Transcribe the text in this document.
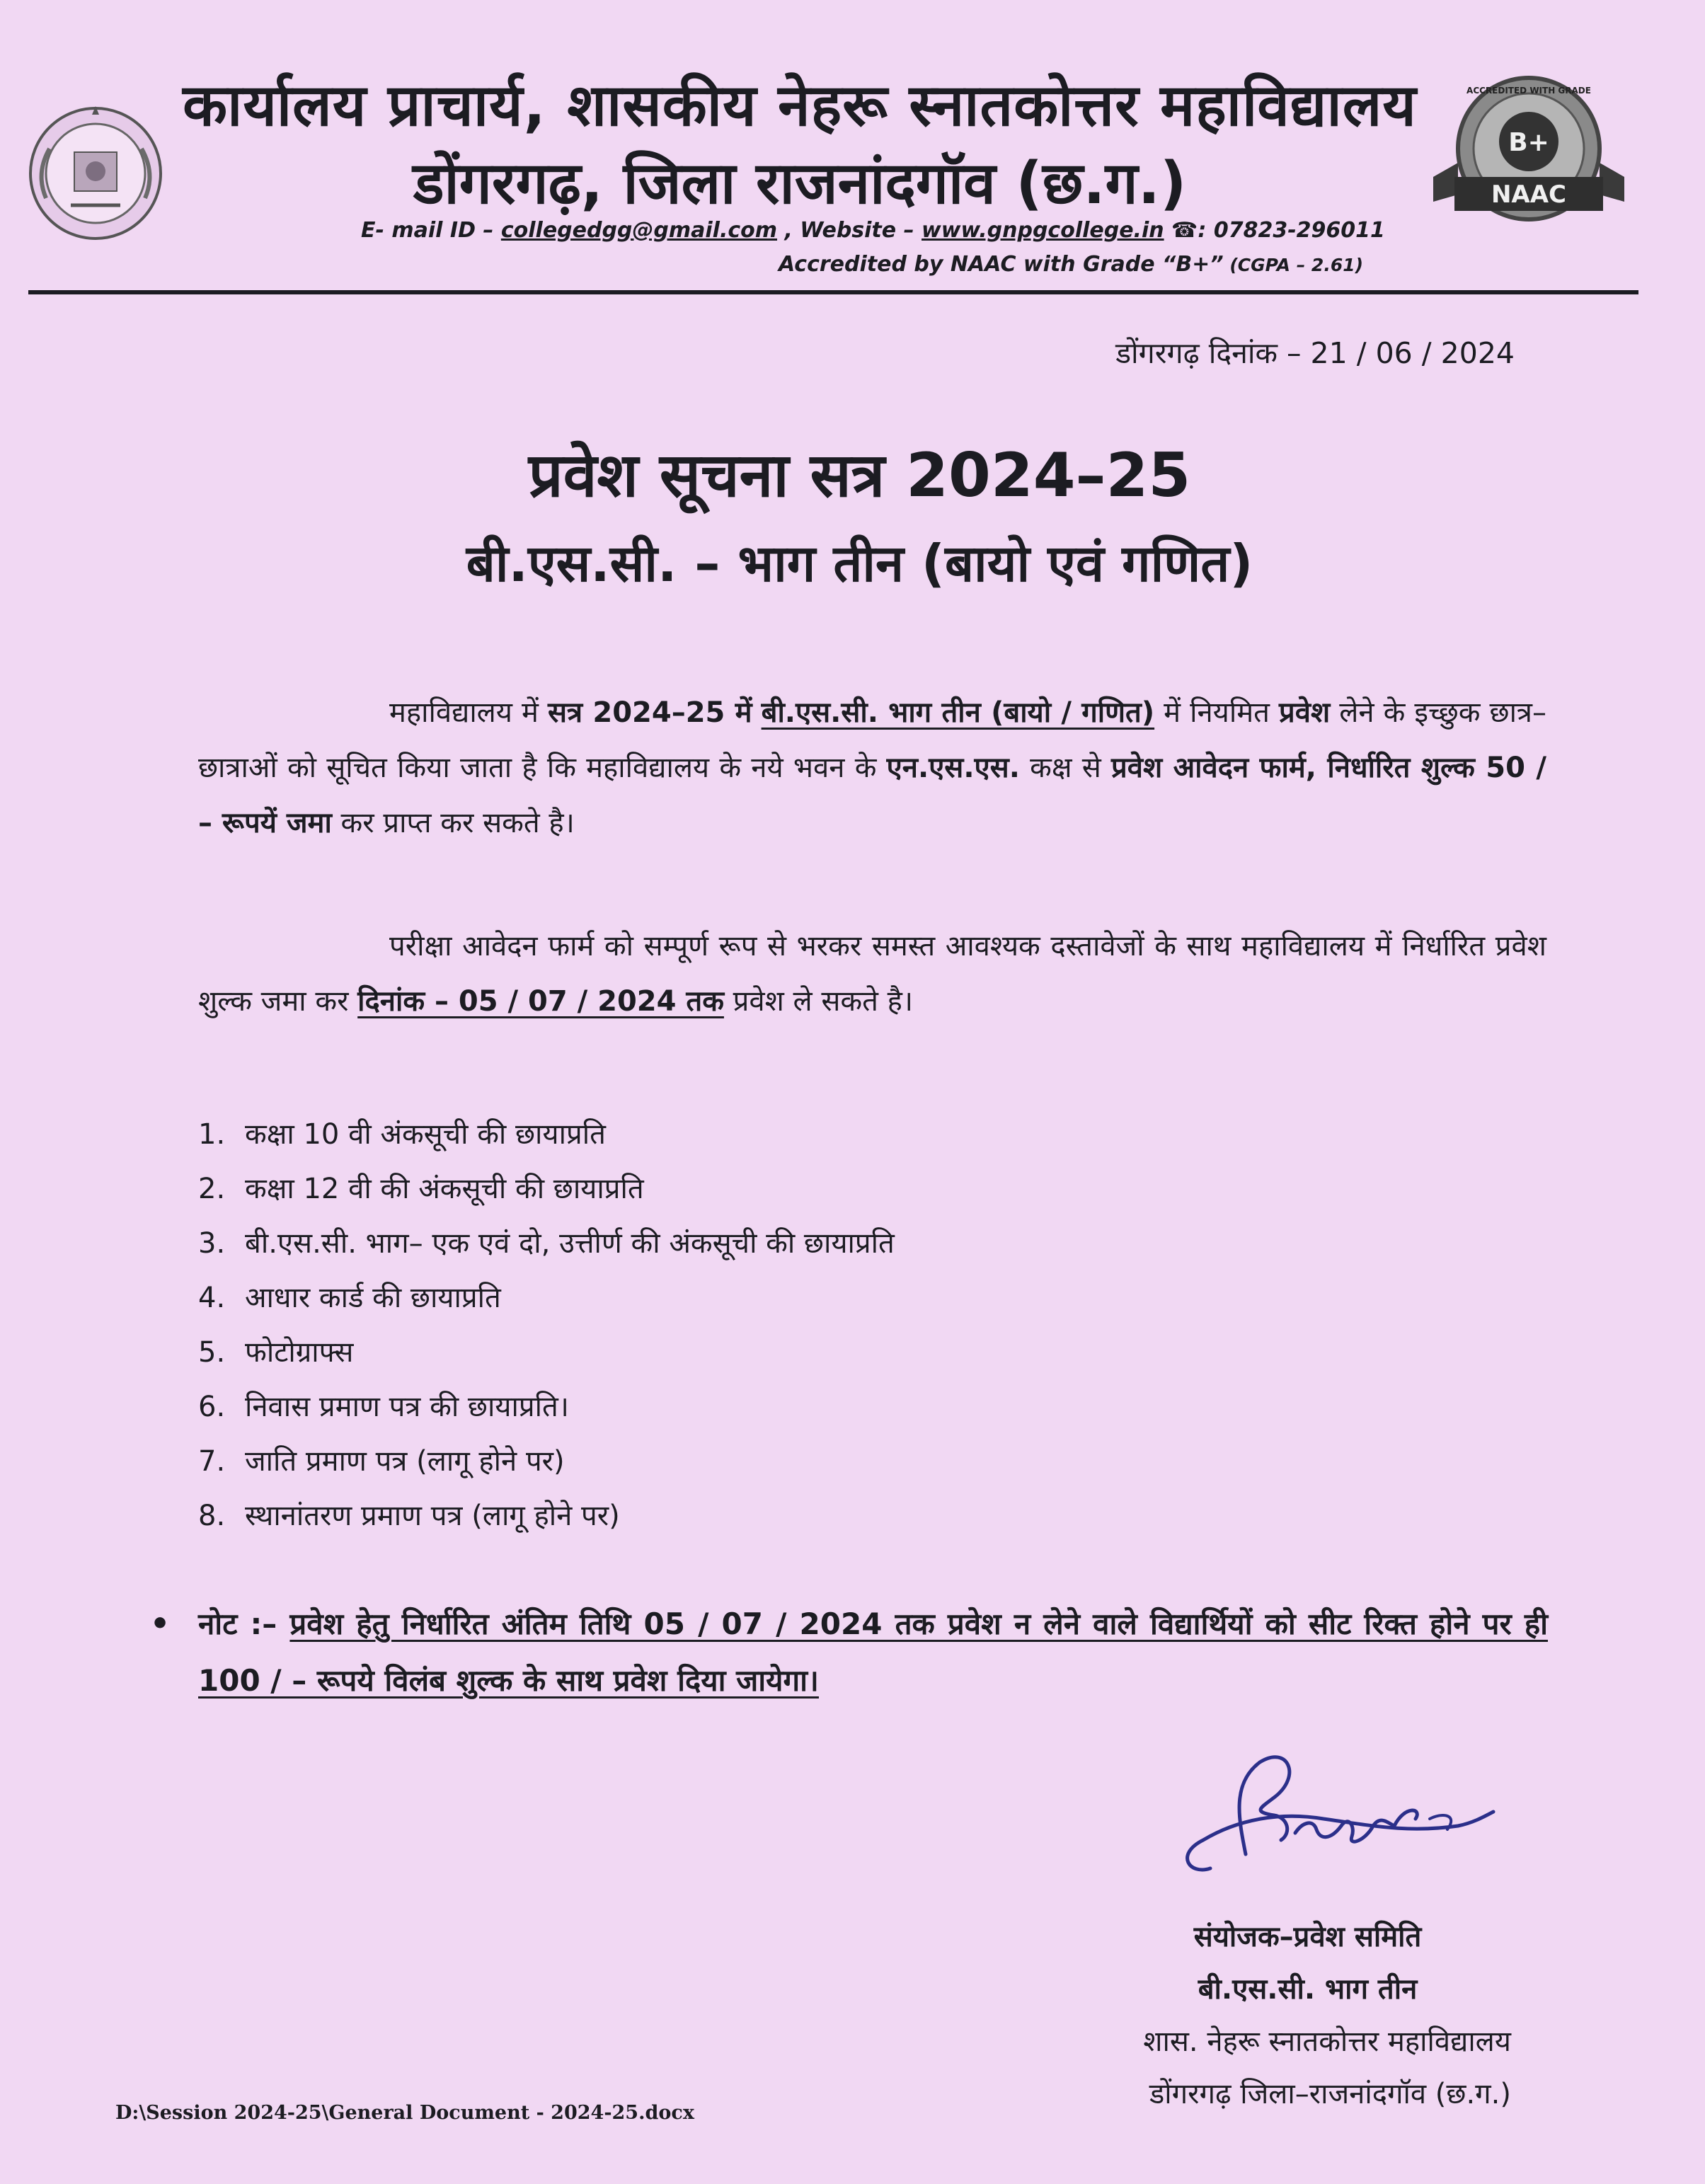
कार्यालय प्राचार्य, शासकीय नेहरू स्नातकोत्तर महाविद्यालय
डोंगरगढ़, जिला राजनांदगॉव (छ.ग.)
B+
NAAC
ACCREDITED WITH GRADE
E- mail ID – collegedgg@gmail.com , Website – www.gnpgcollege.in ☎: 07823-296011
Accredited by NAAC with Grade “B+” (CGPA – 2.61)
डोंगरगढ़ दिनांक – 21 / 06 / 2024
प्रवेश सूचना सत्र 2024–25
बी.एस.सी. – भाग तीन (बायो एवं गणित)
महाविद्यालय में सत्र 2024–25 में बी.एस.सी. भाग तीन (बायो / गणित) में नियमित प्रवेश लेने के इच्छुक छात्र–छात्राओं को सूचित किया जाता है कि महाविद्यालय के नये भवन के एन.एस.एस. कक्ष से प्रवेश आवेदन फार्म, निर्धारित शुल्क 50 / – रूपयें जमा कर प्राप्त कर सकते है।
परीक्षा आवेदन फार्म को सम्पूर्ण रूप से भरकर समस्त आवश्यक दस्तावेजों के साथ महाविद्यालय में निर्धारित प्रवेश शुल्क जमा कर दिनांक – 05 / 07 / 2024 तक प्रवेश ले सकते है।
1. कक्षा 10 वी अंकसूची की छायाप्रति
2. कक्षा 12 वी की अंकसूची की छायाप्रति
3. बी.एस.सी. भाग– एक एवं दो, उत्तीर्ण की अंकसूची की छायाप्रति
4. आधार कार्ड की छायाप्रति
5. फोटोग्राफ्स
6. निवास प्रमाण पत्र की छायाप्रति।
7. जाति प्रमाण पत्र (लागू होने पर)
8. स्थानांतरण प्रमाण पत्र (लागू होने पर)
• नोट :– प्रवेश हेतु निर्धारित अंतिम तिथि 05 / 07 / 2024 तक प्रवेश न लेने वाले विद्यार्थियों को सीट रिक्त होने पर ही 100 / – रूपये विलंब शुल्क के साथ प्रवेश दिया जायेगा।
संयोजक–प्रवेश समिति
बी.एस.सी. भाग तीन
शास. नेहरू स्नातकोत्तर महाविद्यालय
डोंगरगढ़ जिला–राजनांदगॉव (छ.ग.)
D:\Session 2024-25\General Document - 2024-25.docx
